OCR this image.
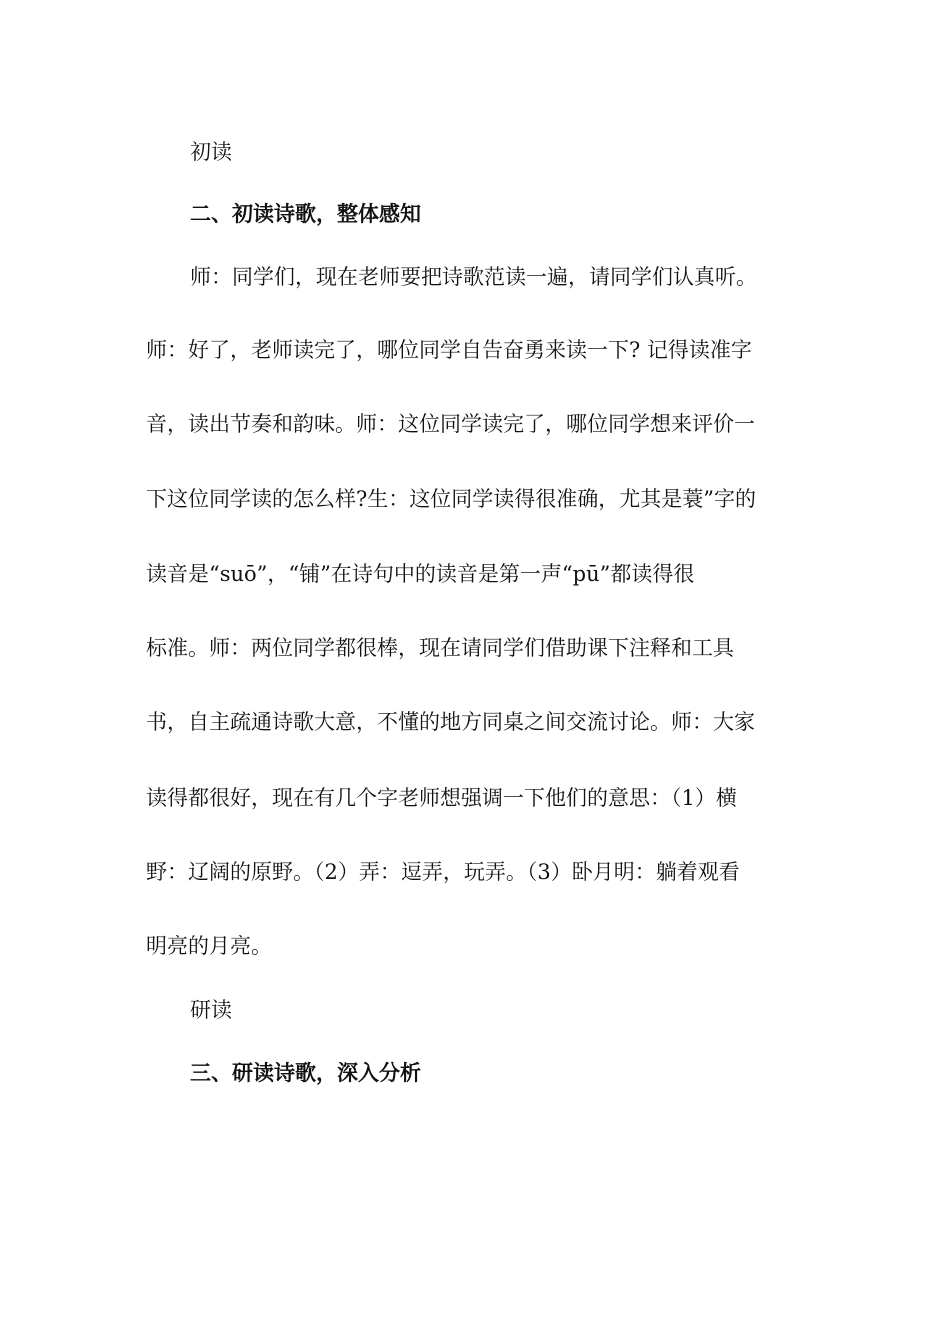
初读

二、初读诗歌，整体感知

师：同学们，现在老师要把诗歌范读一遍，请同学们认真听。

师：好了，老师读完了，哪位同学自告奋勇来读一下? 记得读准字

音，读出节奏和韵味。师：这位同学读完了，哪位同学想来评价一

下这位同学读的怎么样?生：这位同学读得很准确，尤其是蓑”字的

读音是“suō”，“铺”在诗句中的读音是第一声“pū”都读得很

标准。师：两位同学都很棒，现在请同学们借助课下注释和工具

书，自主疏通诗歌大意，不懂的地方同桌之间交流讨论。师：大家

读得都很好，现在有几个字老师想强调一下他们的意思：（1）横

野：辽阔的原野。（2）弄：逗弄，玩弄。（3）卧月明：躺着观看

明亮的月亮。

研读

三、研读诗歌，深入分析
